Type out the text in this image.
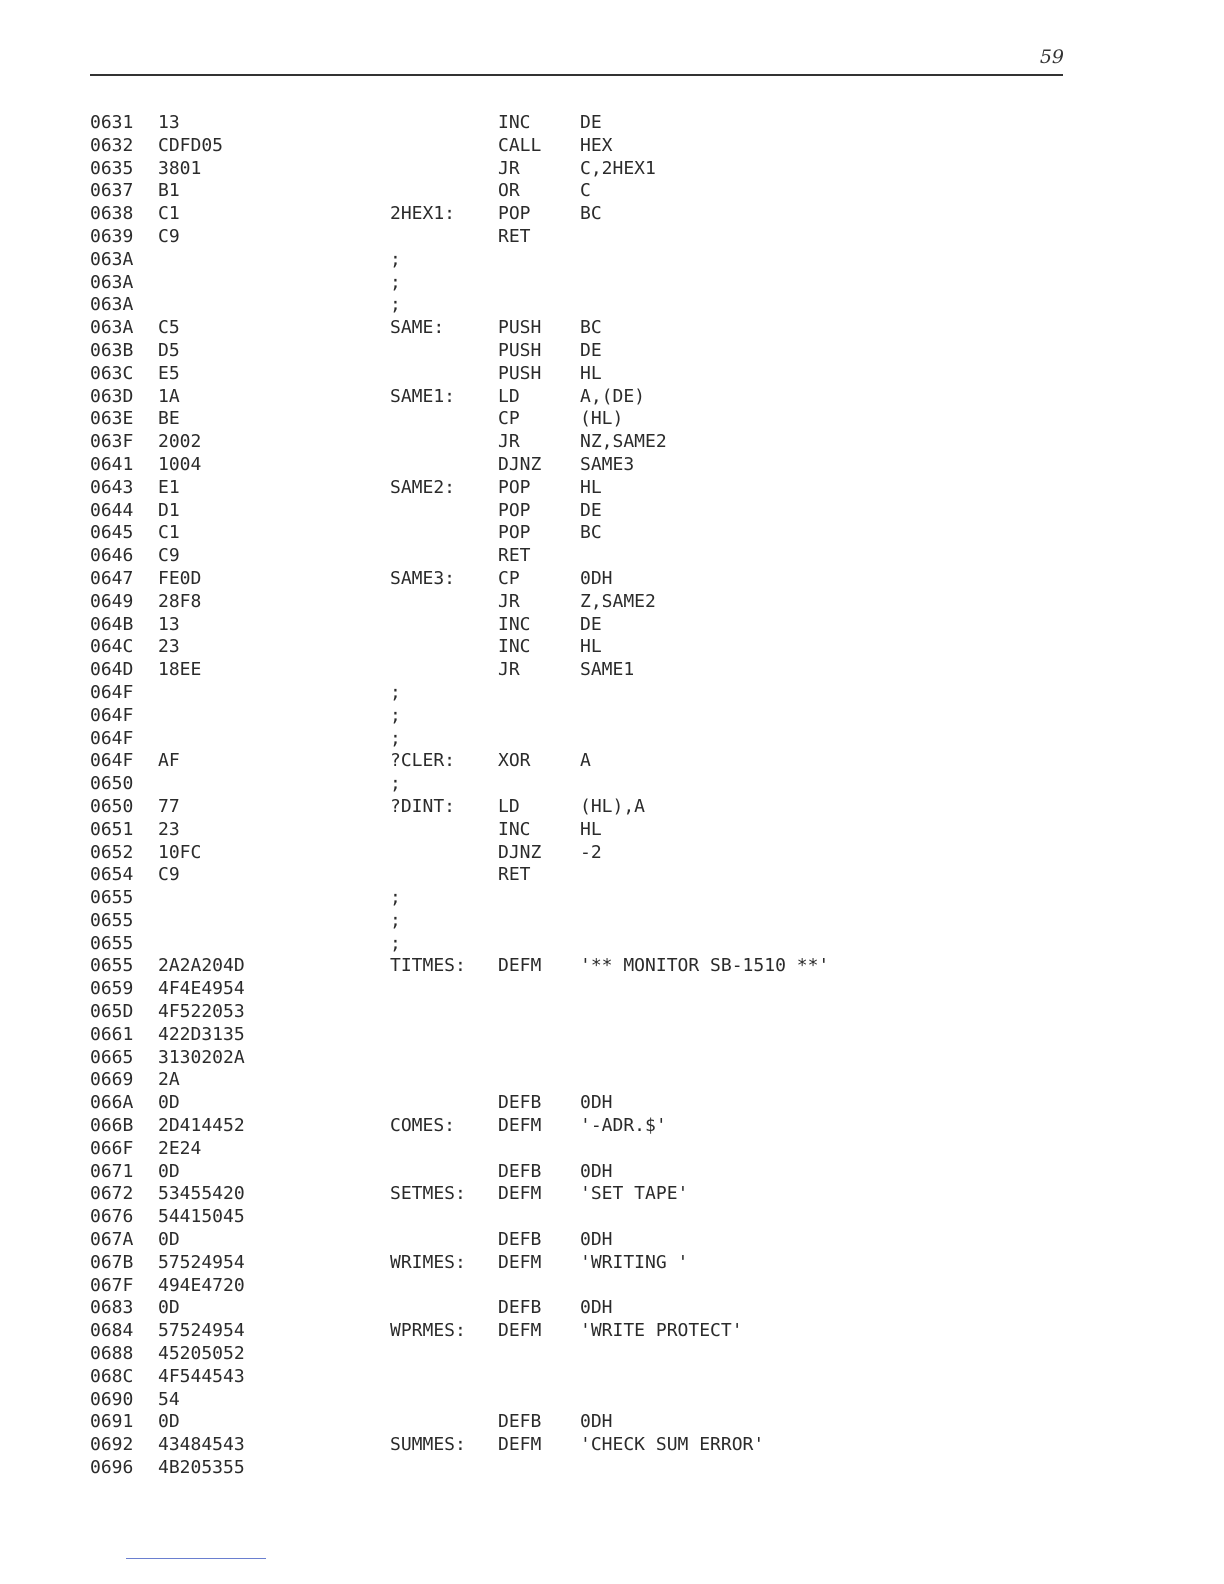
59
0631 13	INC	DE
0632 CDFD05	CALL HEX
0635 3801	JR	C,2HEX1
0637 B1	OR	C
0638 C1	2HEX1: POP	BC
0639 C9	RET
063A	;
063A	;
063A	;
063A C5	SAME:	PUSH BC
063B D5	PUSH DE
063C E5	PUSH HL
063D 1A	SAME1: LD	A,(DE)
063E BE	CP	(HL)
063F 2002	JR	NZ,SAME2
0641 1004	DJNZ SAME3
0643 E1	SAME2: POP	HL
0644 D1	POP	DE
0645 C1	POP	BC
0646 C9	RET
0647 FE0D	SAME3: CP	0DH
0649 28F8	JR	Z,SAME2
064B 13	INC	DE
064C 23	INC	HL
064D 18EE	JR	SAME1
064F	;
064F	;
064F	;
064F AF	?CLER: XOR	A
0650	;
0650 77	?DINT: LD	(HL),A
0651 23	INC	HL
0652 10FC	DJNZ -2
0654 C9	RET
0655	;
0655	;
0655	;
0655 2A2A204D	TITMES: DEFM '** MONITOR SB-1510 **'
0659 4F4E4954
065D 4F522053
0661 422D3135
0665 3130202A
0669 2A
066A 0D	DEFB 0DH
066B 2D414452	COMES: DEFM '-ADR.$'
066F 2E24
0671 0D	DEFB 0DH
0672 53455420	SETMES: DEFM 'SET TAPE'
0676 54415045
067A 0D	DEFB 0DH
067B 57524954	WRIMES: DEFM 'WRITING '
067F 494E4720
0683 0D	DEFB 0DH
0684 57524954	WPRMES: DEFM 'WRITE PROTECT'
0688 45205052
068C 4F544543
0690 54
0691 0D	DEFB 0DH
0692 43484543	SUMMES: DEFM 'CHECK SUM ERROR'
0696 4B205355
